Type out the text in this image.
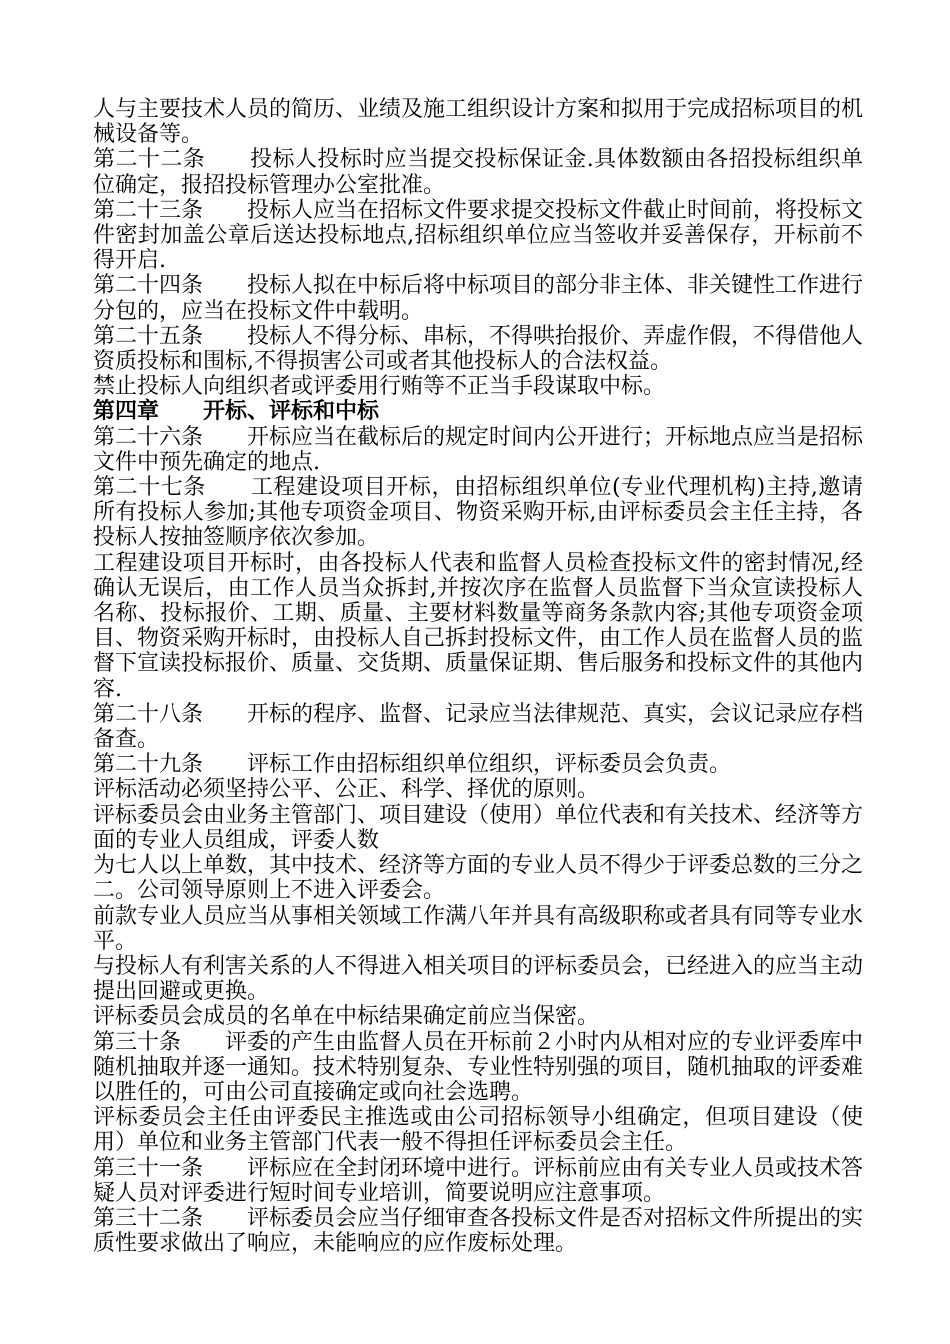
人与主要技术人员的简历、业绩及施工组织设计方案和拟用于完成招标项目的机械设备等。

第二十二条　　投标人投标时应当提交投标保证金.具体数额由各招投标组织单位确定，报招投标管理办公室批准。

第二十三条　　投标人应当在招标文件要求提交投标文件截止时间前，将投标文件密封加盖公章后送达投标地点,招标组织单位应当签收并妥善保存，开标前不得开启.

第二十四条　　投标人拟在中标后将中标项目的部分非主体、非关键性工作进行分包的，应当在投标文件中载明。

第二十五条　　投标人不得分标、串标，不得哄抬报价、弄虚作假，不得借他人资质投标和围标,不得损害公司或者其他投标人的合法权益。

禁止投标人向组织者或评委用行贿等不正当手段谋取中标。

第四章　　开标、评标和中标

第二十六条　　开标应当在截标后的规定时间内公开进行；开标地点应当是招标文件中预先确定的地点.

第二十七条　　工程建设项目开标，由招标组织单位(专业代理机构)主持,邀请所有投标人参加;其他专项资金项目、物资采购开标,由评标委员会主任主持，各投标人按抽签顺序依次参加。

工程建设项目开标时，由各投标人代表和监督人员检查投标文件的密封情况,经确认无误后，由工作人员当众拆封,并按次序在监督人员监督下当众宣读投标人名称、投标报价、工期、质量、主要材料数量等商务条款内容;其他专项资金项目、物资采购开标时，由投标人自己拆封投标文件，由工作人员在监督人员的监督下宣读投标报价、质量、交货期、质量保证期、售后服务和投标文件的其他内容.

第二十八条　　开标的程序、监督、记录应当法律规范、真实，会议记录应存档备查。

第二十九条　　评标工作由招标组织单位组织，评标委员会负责。

评标活动必须坚持公平、公正、科学、择优的原则。

评标委员会由业务主管部门、项目建设（使用）单位代表和有关技术、经济等方面的专业人员组成，评委人数

为七人以上单数，其中技术、经济等方面的专业人员不得少于评委总数的三分之二。公司领导原则上不进入评委会。

前款专业人员应当从事相关领域工作满八年并具有高级职称或者具有同等专业水平。

与投标人有利害关系的人不得进入相关项目的评标委员会，已经进入的应当主动提出回避或更换。

评标委员会成员的名单在中标结果确定前应当保密。

第三十条　　评委的产生由监督人员在开标前２小时内从相对应的专业评委库中随机抽取并逐一通知。技术特别复杂、专业性特别强的项目，随机抽取的评委难以胜任的，可由公司直接确定或向社会选聘。

评标委员会主任由评委民主推选或由公司招标领导小组确定，但项目建设（使用）单位和业务主管部门代表一般不得担任评标委员会主任。

第三十一条　　评标应在全封闭环境中进行。评标前应由有关专业人员或技术答疑人员对评委进行短时间专业培训，简要说明应注意事项。

第三十二条　　评标委员会应当仔细审查各投标文件是否对招标文件所提出的实质性要求做出了响应，未能响应的应作废标处理。
